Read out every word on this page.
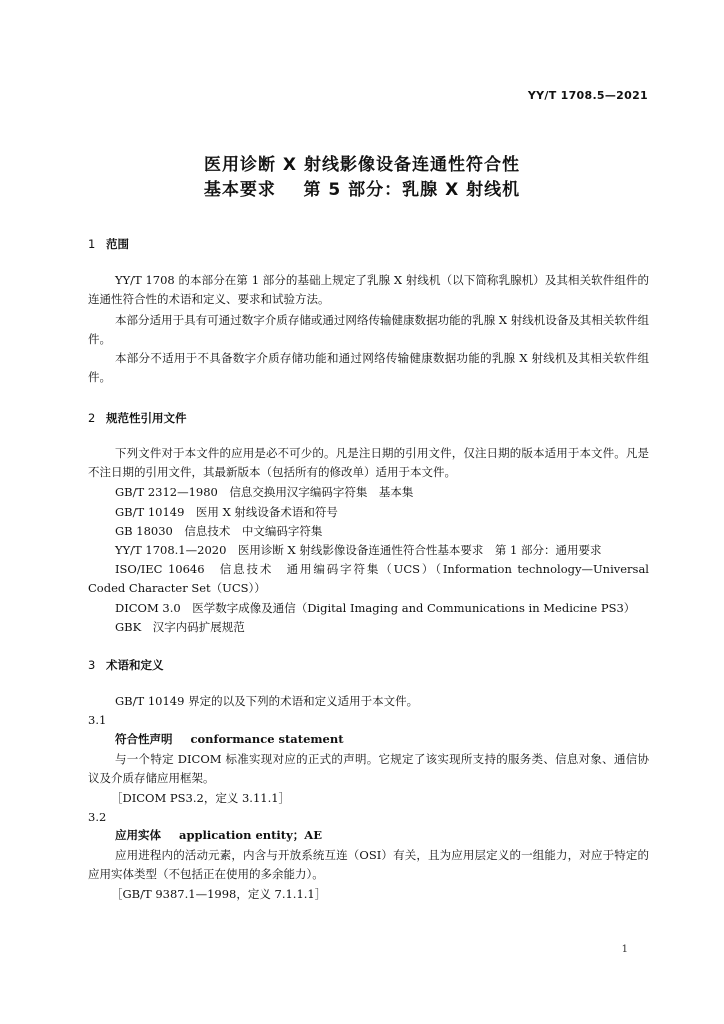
YY/T 1708.5—2021
医用诊断 X 射线影像设备连通性符合性
基本要求    第 5 部分：乳腺 X 射线机
1 范围
YY/T 1708 的本部分在第 1 部分的基础上规定了乳腺 X 射线机（以下简称乳腺机）及其相关软件组件的连通性符合性的术语和定义、要求和试验方法。
本部分适用于具有可通过数字介质存储或通过网络传输健康数据功能的乳腺 X 射线机设备及其相关软件组件。
本部分不适用于不具备数字介质存储功能和通过网络传输健康数据功能的乳腺 X 射线机及其相关软件组件。
2 规范性引用文件
下列文件对于本文件的应用是必不可少的。凡是注日期的引用文件，仅注日期的版本适用于本文件。凡是不注日期的引用文件，其最新版本（包括所有的修改单）适用于本文件。
GB/T 2312—1980　信息交换用汉字编码字符集　基本集
GB/T 10149　医用 X 射线设备术语和符号
GB 18030　信息技术　中文编码字符集
YY/T 1708.1—2020　医用诊断 X 射线影像设备连通性符合性基本要求　第 1 部分：通用要求
ISO/IEC 10646　信息技术　通用编码字符集（UCS）（Information technology—Universal Coded Character Set（UCS））
DICOM 3.0　医学数字成像及通信（Digital Imaging and Communications in Medicine PS3）
GBK　汉字内码扩展规范
3 术语和定义
GB/T 10149 界定的以及下列的术语和定义适用于本文件。
3.1
符合性声明 conformance statement
与一个特定 DICOM 标准实现对应的正式的声明。它规定了该实现所支持的服务类、信息对象、通信协议及介质存储应用框架。
［DICOM PS3.2，定义 3.11.1］
3.2
应用实体 application entity；AE
应用进程内的活动元素，内含与开放系统互连（OSI）有关，且为应用层定义的一组能力，对应于特定的应用实体类型（不包括正在使用的多余能力）。
［GB/T 9387.1—1998，定义 7.1.1.1］
1
